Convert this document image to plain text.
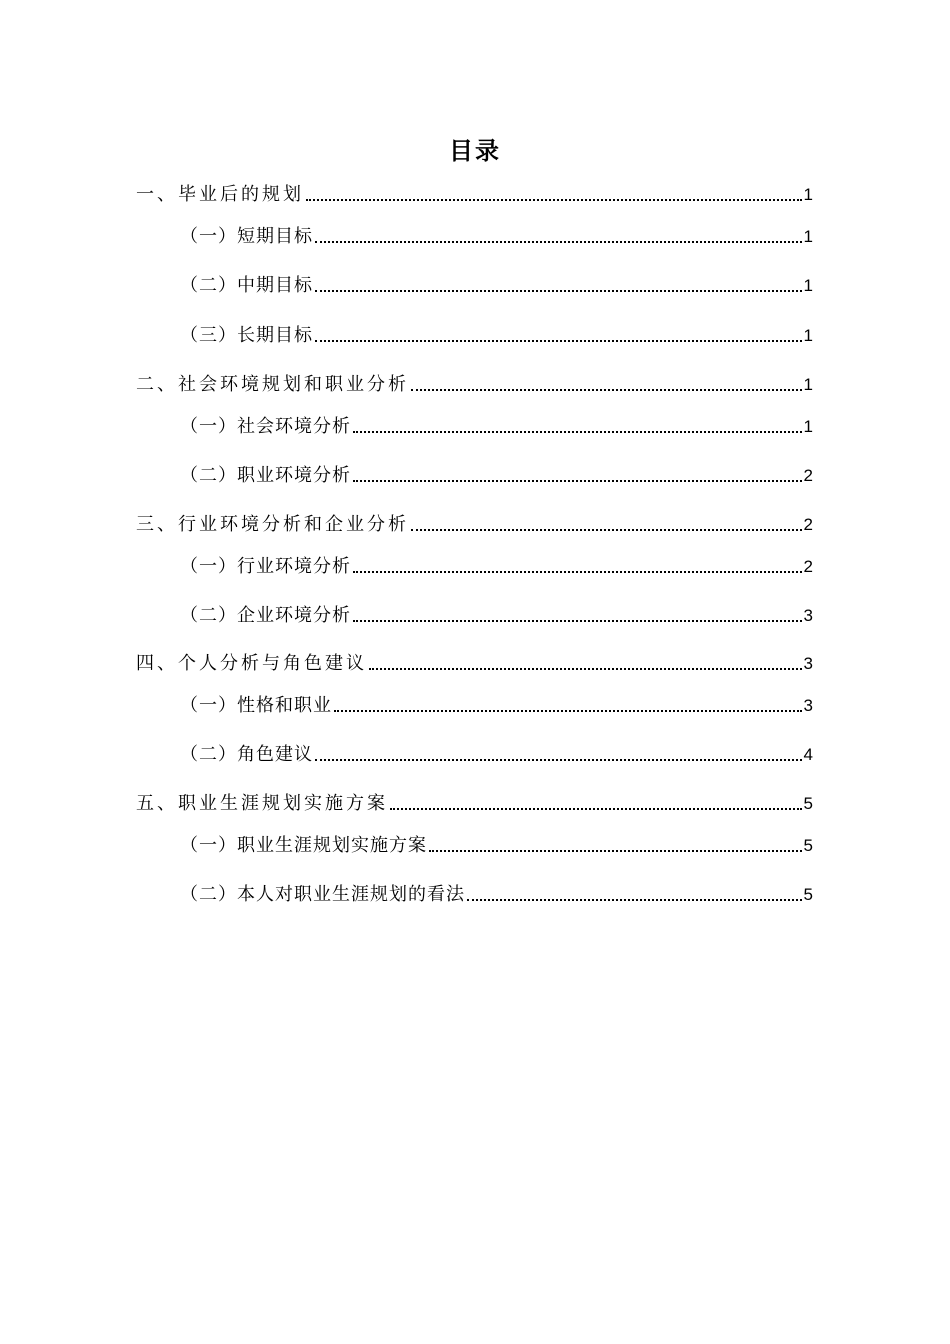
目录
一、毕业后的规划	1
（一）短期目标	1
（二）中期目标	1
（三）长期目标	1
二、社会环境规划和职业分析	1
（一）社会环境分析	1
（二）职业环境分析	2
三、行业环境分析和企业分析	2
（一）行业环境分析	2
（二）企业环境分析	3
四、个人分析与角色建议	3
（一）性格和职业	3
（二）角色建议	4
五、职业生涯规划实施方案	5
（一）职业生涯规划实施方案	5
（二）本人对职业生涯规划的看法	5
